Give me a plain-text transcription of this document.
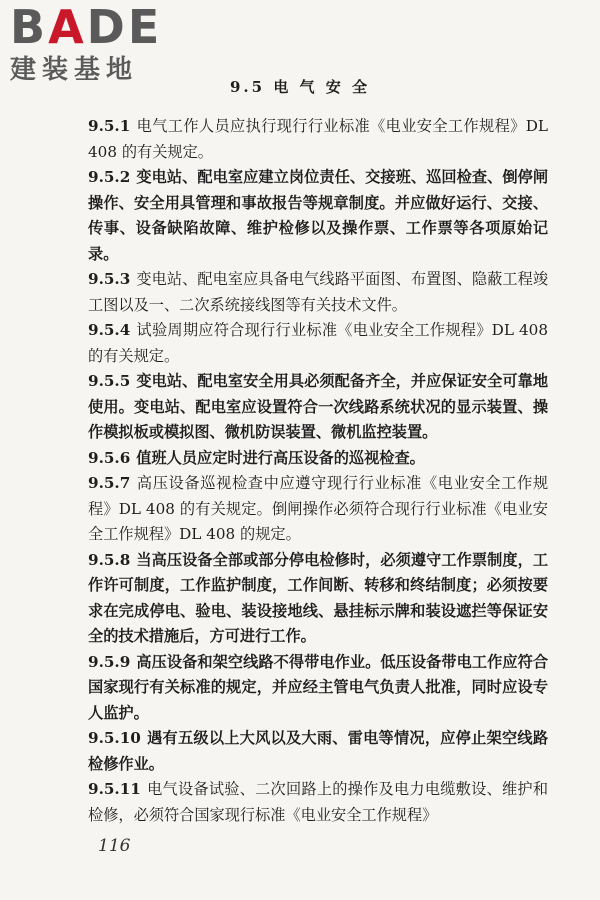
BADE
建装基地
9.5 电 气 安 全

9.5.1 电气工作人员应执行现行行业标准《电业安全工作规程》DL 408 的有关规定。

9.5.2 变电站、配电室应建立岗位责任、交接班、巡回检查、倒停闸操作、安全用具管理和事故报告等规章制度。并应做好运行、交接、传事、设备缺陷故障、维护检修以及操作票、工作票等各项原始记录。

9.5.3 变电站、配电室应具备电气线路平面图、布置图、隐蔽工程竣工图以及一、二次系统接线图等有关技术文件。

9.5.4 试验周期应符合现行行业标准《电业安全工作规程》DL 408的有关规定。

9.5.5 变电站、配电室安全用具必须配备齐全，并应保证安全可靠地使用。变电站、配电室应设置符合一次线路系统状况的显示装置、操作模拟板或模拟图、微机防误装置、微机监控装置。

9.5.6 值班人员应定时进行高压设备的巡视检查。

9.5.7 高压设备巡视检查中应遵守现行行业标准《电业安全工作规程》DL 408 的有关规定。倒闸操作必须符合现行行业标准《电业安全工作规程》DL 408 的规定。

9.5.8 当高压设备全部或部分停电检修时，必须遵守工作票制度，工作许可制度，工作监护制度，工作间断、转移和终结制度；必须按要求在完成停电、验电、装设接地线、悬挂标示牌和装设遮拦等保证安全的技术措施后，方可进行工作。

9.5.9 高压设备和架空线路不得带电作业。低压设备带电工作应符合国家现行有关标准的规定，并应经主管电气负责人批准，同时应设专人监护。

9.5.10 遇有五级以上大风以及大雨、雷电等情况，应停止架空线路检修作业。

9.5.11 电气设备试验、二次回路上的操作及电力电缆敷设、维护和检修，必须符合国家现行标准《电业安全工作规程》

116
